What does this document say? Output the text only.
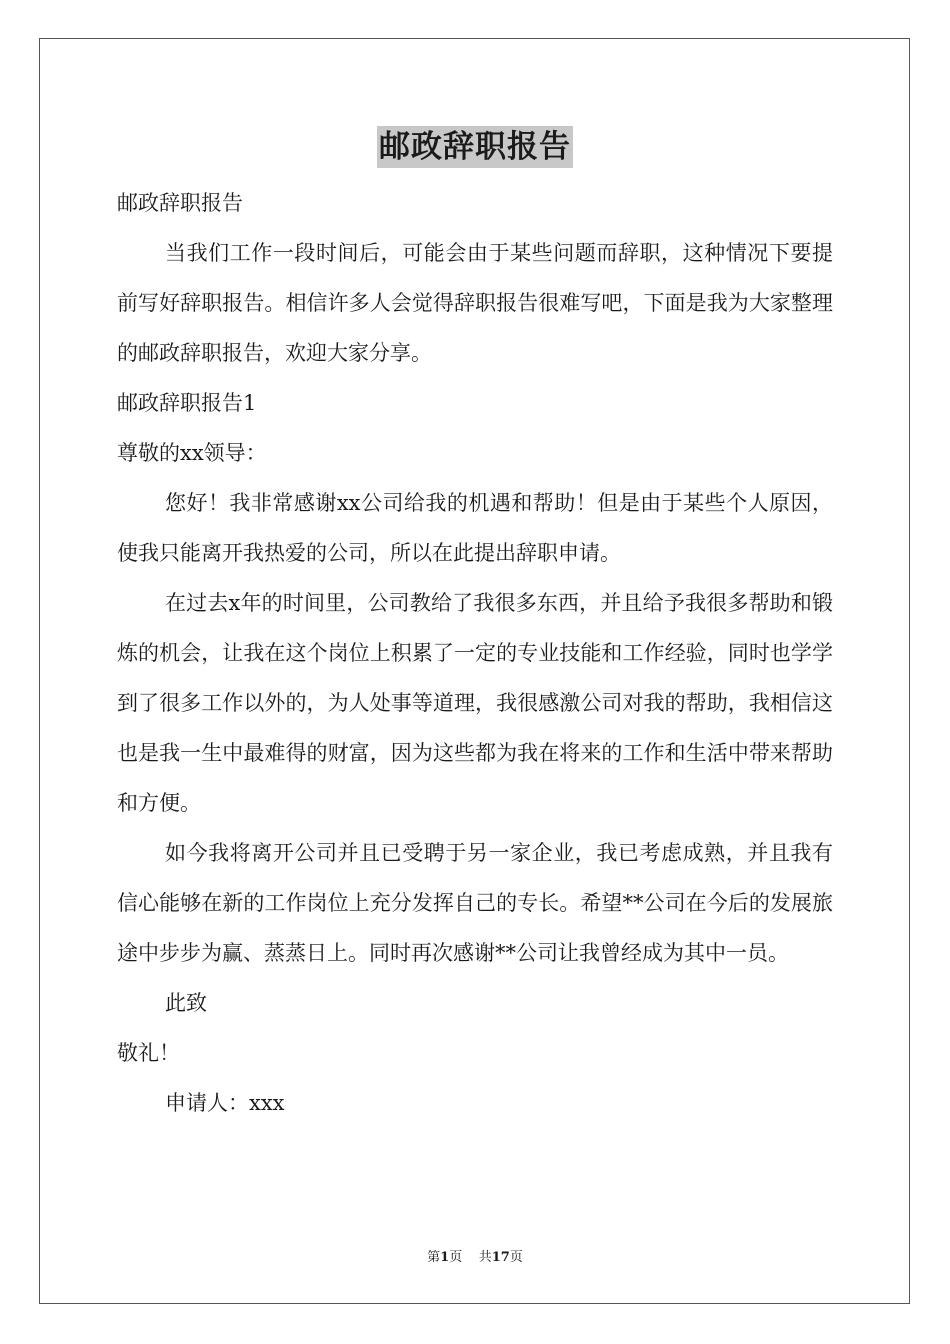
邮政辞职报告

邮政辞职报告

当我们工作一段时间后，可能会由于某些问题而辞职，这种情况下要提前写好辞职报告。相信许多人会觉得辞职报告很难写吧，下面是我为大家整理的邮政辞职报告，欢迎大家分享。

邮政辞职报告1

尊敬的xx领导：

您好！我非常感谢xx公司给我的机遇和帮助！但是由于某些个人原因，使我只能离开我热爱的公司，所以在此提出辞职申请。

在过去x年的时间里，公司教给了我很多东西，并且给予我很多帮助和锻炼的机会，让我在这个岗位上积累了一定的专业技能和工作经验，同时也学学到了很多工作以外的，为人处事等道理，我很感激公司对我的帮助，我相信这也是我一生中最难得的财富，因为这些都为我在将来的工作和生活中带来帮助和方便。

如今我将离开公司并且已受聘于另一家企业，我已考虑成熟，并且我有信心能够在新的工作岗位上充分发挥自己的专长。希望**公司在今后的发展旅途中步步为赢、蒸蒸日上。同时再次感谢**公司让我曾经成为其中一员。

此致

敬礼！

申请人：xxx

第1页 共17页
